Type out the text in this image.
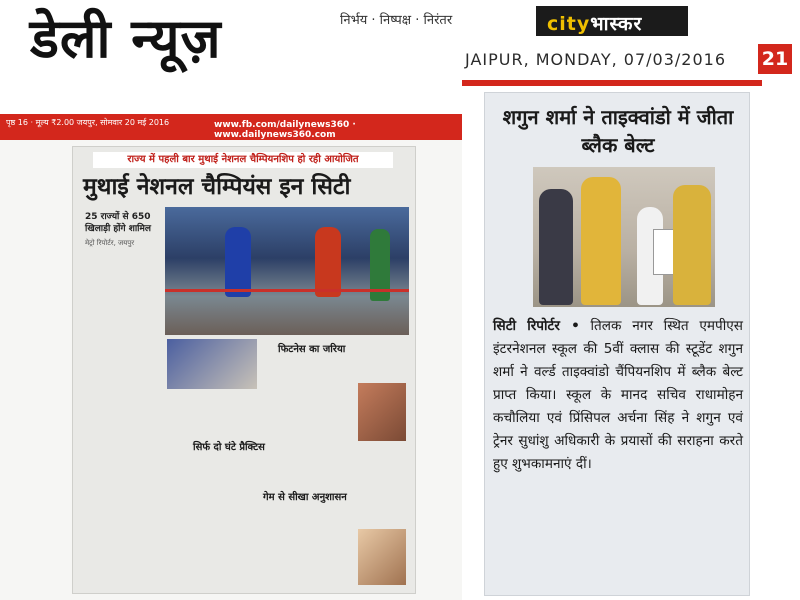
डेली न्यूज़	निर्भय · निष्पक्ष · निरंतर
पृष्ठ 16 · मूल्य ₹2.00 जयपुर, सोमवार 20 मई 2016	www.fb.com/dailynews360 · www.dailynews360.com
राज्य में पहली बार मुथाई नेशनल चैम्पियनशिप हो रही आयोजित
मुथाई नेशनल चैम्पियंस इन सिटी
25 राज्यों से 650 खिलाड़ी होंगे शामिल
मेट्रो रिपोर्टर, जयपुर
फिटनेस का जरिया
सिर्फ दो घंटे प्रैक्टिस
गेम से सीखा अनुशासन
cityभास्कर
JAIPUR, MONDAY, 07/03/2016 21
शगुन शर्मा ने ताइक्वांडो में जीता ब्लैक बेल्ट
सिटी रिपोर्टर • तिलक नगर स्थित एमपीएस इंटरनेशनल स्कूल की 5वीं क्लास की स्टूडेंट शगुन शर्मा ने वर्ल्ड ताइक्वांडो चैंपियनशिप में ब्लैक बेल्ट प्राप्त किया। स्कूल के मानद सचिव राधामोहन कचौलिया एवं प्रिंसिपल अर्चना सिंह ने शगुन एवं ट्रेनर सुधांशु अधिकारी के प्रयासों की सराहना करते हुए शुभकामनाएं दीं।
